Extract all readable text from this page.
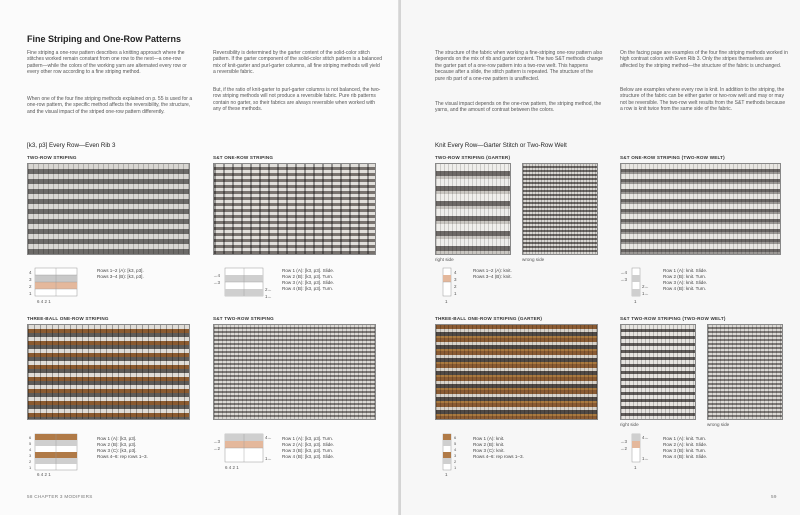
Fine Striping and One-Row Patterns
Fine striping a one-row pattern describes a knitting approach where the stitches worked remain constant from one row to the next—a one-row pattern—while the colors of the working yarn are alternated every row or every other row according to a fine striping method.
When one of the four fine striping methods explained on p. 55 is used for a one-row pattern, the specific method affects the reversibility, the structure, and the visual impact of the striped one-row pattern differently.
Reversibility is determined by the garter content of the solid-color stitch pattern. If the garter component of the solid-color stitch pattern is a balanced mix of knit-garter and purl-garter columns, all fine striping methods will yield a reversible fabric.
But, if the ratio of knit-garter to purl-garter columns is not balanced, the two-row striping methods will not produce a reversible fabric. Pure rib patterns contain no garter, so their fabrics are always reversible when worked with any of these methods.
[k3, p3] Every Row—Even Rib 3
TWO-ROW STRIPING
4
3
2
1
6 4 2 1
Rows 1–2 (A): [k3, p3].
Rows 3–4 (B): [k3, p3].
S&T ONE-ROW STRIPING
→4
→3
2←
1←
Row 1 (A): [k3, p3]. Slide.
Row 2 (B): [k3, p3]. Turn.
Row 3 (A): [k3, p3]. Slide.
Row 4 (B): [k3, p3]. Turn.
THREE-BALL ONE-ROW STRIPING
6
5
4
3
2
1
6 4 2 1
Row 1 (A): [k3, p3].
Row 2 (B): [k3, p3].
Row 3 (C): [k3, p3].
Rows 4–6: rep rows 1–3.
S&T TWO-ROW STRIPING
→3
→2
4←
1←
6 4 2 1
Row 1 (A): [k3, p3]. Turn.
Row 2 (A): [k3, p3]. Slide.
Row 3 (B): [k3, p3]. Turn.
Row 4 (B): [k3, p3]. Slide.
58 CHAPTER 3 MODIFIERS
The structure of the fabric when working a fine-striping one-row pattern also depends on the mix of rib and garter content. The two S&T methods change the garter part of a one-row pattern into a two-row welt. This happens because after a slide, the stitch pattern is repeated. The structure of the pure rib part of a one-row pattern is unaffected.
The visual impact depends on the one-row pattern, the striping method, the yarns, and the amount of contrast between the colors.
On the facing page are examples of the four fine striping methods worked in high contrast colors with Even Rib 3. Only the stripes themselves are affected by the striping method—the structure of the fabric is unchanged.
Below are examples where every row is knit. In addition to the striping, the structure of the fabric can be either garter or two-row welt and may or may not be reversible. The two-row welt results from the S&T methods because a row is knit twice from the same side of the fabric.
Knit Every Row—Garter Stitch or Two-Row Welt
TWO-ROW STRIPING (GARTER)
right side	wrong side
4
3
2
1
1
Rows 1–2 (A): knit.
Rows 3–4 (B): knit.
S&T ONE-ROW STRIPING (TWO-ROW WELT)
→4
→3
2←
1←
1
Row 1 (A): knit. Slide.
Row 2 (B): knit. Turn.
Row 3 (A): knit. Slide.
Row 4 (B): knit. Turn.
THREE-BALL ONE-ROW STRIPING (GARTER)
6
5
4
3
2
1
1
Row 1 (A): knit.
Row 2 (B): knit.
Row 3 (C): knit.
Rows 4–6: rep rows 1–3.
S&T TWO-ROW STRIPING (TWO-ROW WELT)
right side	wrong side
→3
→2
4←
1←
1
Row 1 (A): knit. Turn.
Row 2 (A): knit. Slide.
Row 3 (B): knit. Turn.
Row 4 (B): knit. Slide.
59
